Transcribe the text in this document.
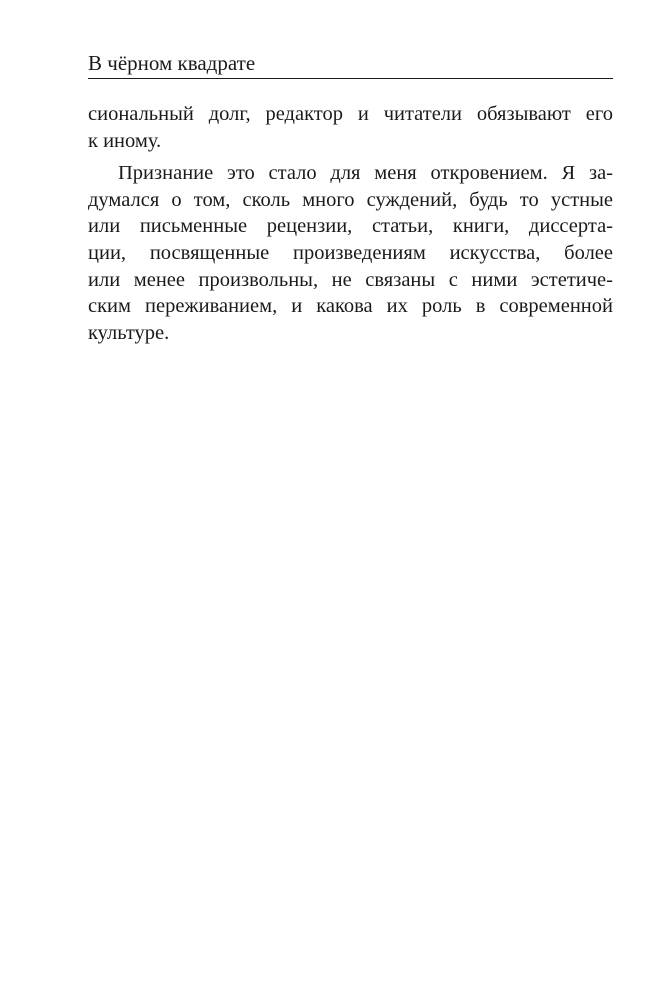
В чёрном квадрате

сиональный долг, редактор и читатели обязывают его
к иному.

Признание это стало для меня откровением. Я за-
думался о том, сколь много суждений, будь то устные
или письменные рецензии, статьи, книги, диссерта-
ции, посвященные произведениям искусства, более
или менее произвольны, не связаны с ними эстетиче-
ским переживанием, и какова их роль в современной
культуре.
